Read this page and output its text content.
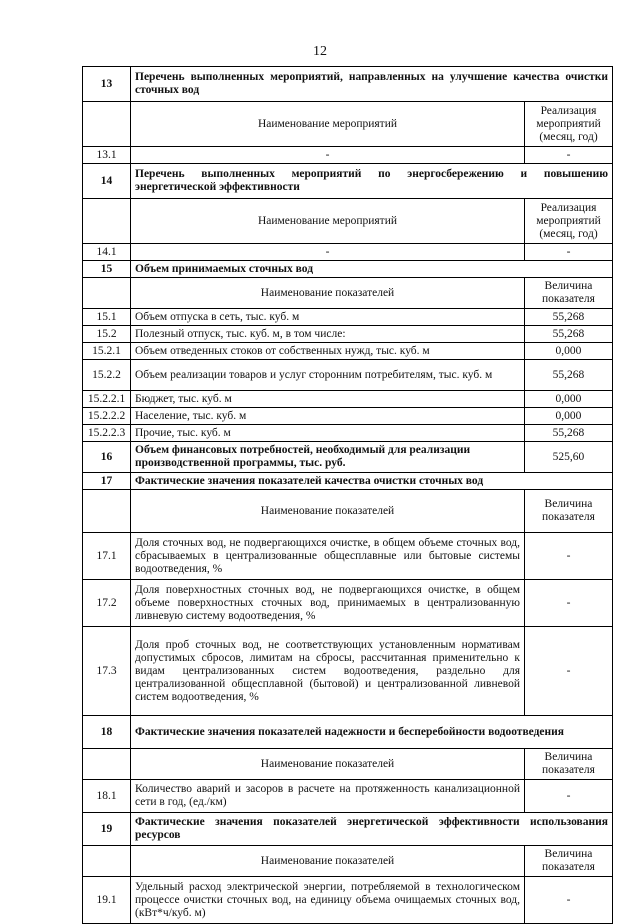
12
13	Перечень выполненных мероприятий, направленных на улучшение качества очистки сточных вод	
	Наименование мероприятий	Реализация мероприятий (месяц, год)
13.1	-	-
14	Перечень выполненных мероприятий по энергосбережению и повышению энергетической эффективности	
	Наименование мероприятий	Реализация мероприятий (месяц, год)
14.1	-	-
15	Объем принимаемых сточных вод	
	Наименование показателей	Величина показателя
15.1	Объем отпуска в сеть, тыс. куб. м	55,268
15.2	Полезный отпуск, тыс. куб. м, в том числе:	55,268
15.2.1	Объем отведенных стоков от собственных нужд, тыс. куб. м	0,000
15.2.2	Объем реализации товаров и услуг сторонним потребителям, тыс. куб. м	55,268
15.2.2.1	Бюджет, тыс. куб. м	0,000
15.2.2.2	Население, тыс. куб. м	0,000
15.2.2.3	Прочие, тыс. куб. м	55,268
16	Объем финансовых потребностей, необходимый для реализации производственной программы, тыс. руб.	525,60
17	Фактические значения показателей качества очистки сточных вод	
	Наименование показателей	Величина показателя
17.1	Доля сточных вод, не подвергающихся очистке, в общем объеме сточных вод, сбрасываемых в централизованные общесплавные или бытовые системы водоотведения, %	-
17.2	Доля поверхностных сточных вод, не подвергающихся очистке, в общем объеме поверхностных сточных вод, принимаемых в централизованную ливневую систему водоотведения, %	-
17.3	Доля проб сточных вод, не соответствующих установленным нормативам допустимых сбросов, лимитам на сбросы, рассчитанная применительно к видам централизованных систем водоотведения, раздельно для централизованной общесплавной (бытовой) и централизованной ливневой систем водоотведения, %	-
18	Фактические значения показателей надежности и бесперебойности водоотведения	
	Наименование показателей	Величина показателя
18.1	Количество аварий и засоров в расчете на протяженность канализационной сети в год, (ед./км)	-
19	Фактические значения показателей энергетической эффективности использования ресурсов	
	Наименование показателей	Величина показателя
19.1	Удельный расход электрической энергии, потребляемой в технологическом процессе очистки сточных вод, на единицу объема очищаемых сточных вод, (кВт*ч/куб. м)	-
